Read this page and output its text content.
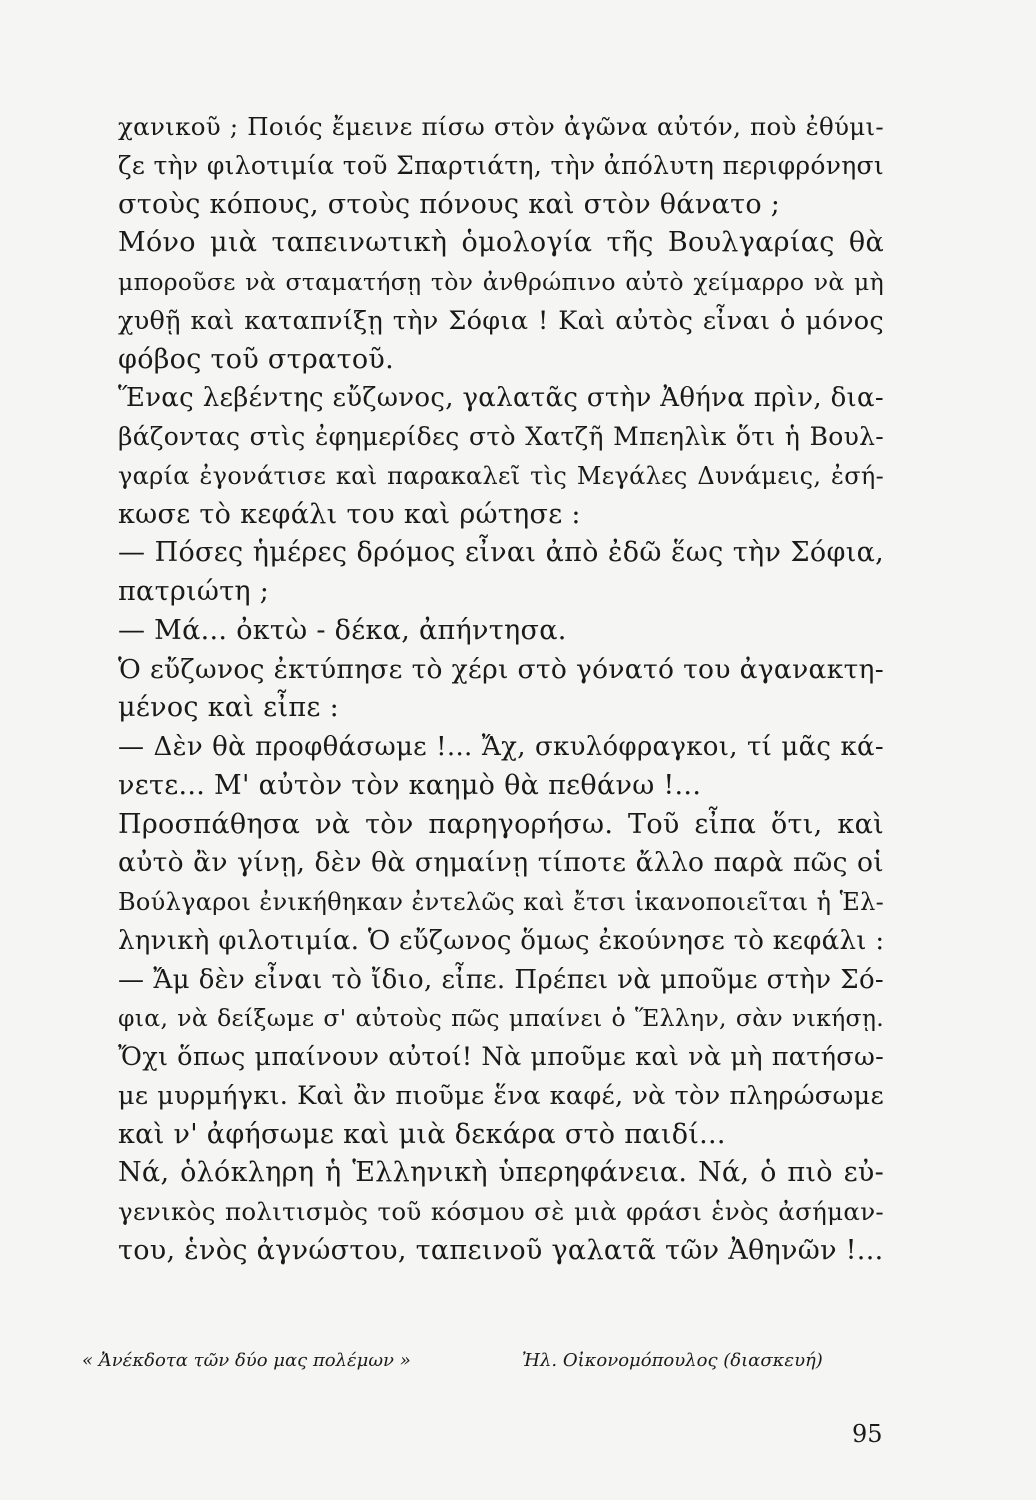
χανικοῦ ; Ποιός ἔμεινε πίσω στὸν ἀγῶνα αὐτόν, ποὺ ἐθύμι-
ζε τὴν φιλοτιμία τοῦ Σπαρτιάτη, τὴν ἀπόλυτη περιφρόνησι
στοὺς κόπους, στοὺς πόνους καὶ στὸν θάνατο ;
Μόνο μιὰ ταπεινωτικὴ ὁμολογία τῆς Βουλγαρίας θὰ
μποροῦσε νὰ σταματήσῃ τὸν ἀνθρώπινο αὐτὸ χείμαρρο νὰ μὴ
χυθῇ καὶ καταπνίξῃ τὴν Σόφια ! Καὶ αὐτὸς εἶναι ὁ μόνος
φόβος τοῦ στρατοῦ.
Ἕνας λεβέντης εὔζωνος, γαλατᾶς στὴν Ἀθήνα πρὶν, δια-
βάζοντας στὶς ἐφημερίδες στὸ Χατζῆ Μπεηλὶκ ὅτι ἡ Βουλ-
γαρία ἐγονάτισε καὶ παρακαλεῖ τὶς Μεγάλες Δυνάμεις, ἐσή-
κωσε τὸ κεφάλι του καὶ ρώτησε :
— Πόσες ἡμέρες δρόμος εἶναι ἀπὸ ἐδῶ ἕως τὴν Σόφια,
πατριώτη ;
— Μά... ὀκτὼ - δέκα, ἀπήντησα.
Ὁ εὔζωνος ἐκτύπησε τὸ χέρι στὸ γόνατό του ἀγανακτη-
μένος καὶ εἶπε :
— Δὲν θὰ προφθάσωμε !... Ἄχ, σκυλόφραγκοι, τί μᾶς κά-
νετε... Μ' αὐτὸν τὸν καημὸ θὰ πεθάνω !...
Προσπάθησα νὰ τὸν παρηγορήσω. Τοῦ εἶπα ὅτι, καὶ
αὐτὸ ἂν γίνῃ, δὲν θὰ σημαίνῃ τίποτε ἄλλο παρὰ πῶς οἱ
Βούλγαροι ἐνικήθηκαν ἐντελῶς καὶ ἔτσι ἱκανοποιεῖται ἡ Ἑλ-
ληνικὴ φιλοτιμία. Ὁ εὔζωνος ὅμως ἐκούνησε τὸ κεφάλι :
— Ἄμ δὲν εἶναι τὸ ἴδιο, εἶπε. Πρέπει νὰ μποῦμε στὴν Σό-
φια, νὰ δείξωμε σ' αὐτοὺς πῶς μπαίνει ὁ Ἕλλην, σὰν νικήσῃ.
Ὄχι ὅπως μπαίνουν αὐτοί! Νὰ μποῦμε καὶ νὰ μὴ πατήσω-
με μυρμήγκι. Καὶ ἂν πιοῦμε ἕνα καφέ, νὰ τὸν πληρώσωμε
καὶ ν' ἀφήσωμε καὶ μιὰ δεκάρα στὸ παιδί...
Νά, ὁλόκληρη ἡ Ἑλληνικὴ ὑπερηφάνεια. Νά, ὁ πιὸ εὐ-
γενικὸς πολιτισμὸς τοῦ κόσμου σὲ μιὰ φράσι ἑνὸς ἀσήμαν-
του, ἑνὸς ἀγνώστου, ταπεινοῦ γαλατᾶ τῶν Ἀθηνῶν !...
« Ἀνέκδοτα τῶν δύο μας πολέμων »	Ἠλ. Οἰκονομόπουλος (διασκευή)
95
